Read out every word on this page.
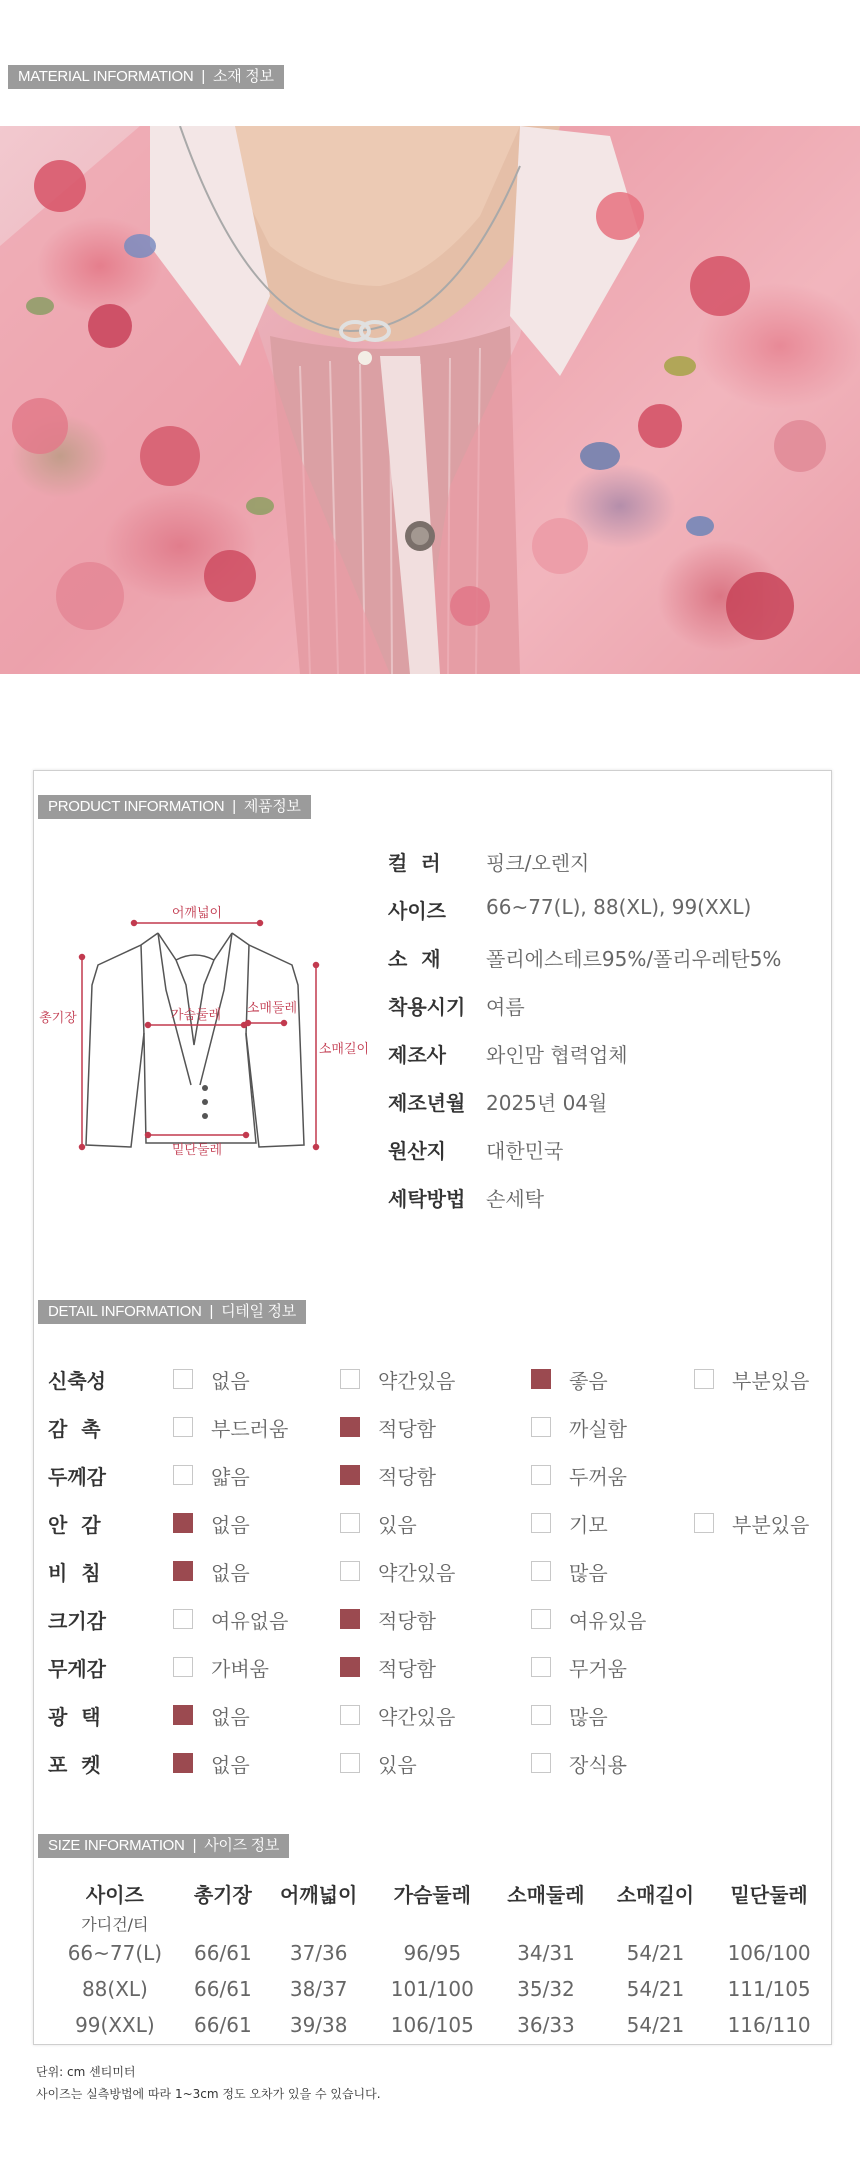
MATERIAL INFORMATION | 소재 정보
PRODUCT INFORMATION | 제품정보
어깨넓이
총기장	가슴둘레 소매둘레
소매길이
밑단둘레
컬  러	핑크/오렌지
사이즈	66~77(L), 88(XL), 99(XXL)
소  재	폴리에스테르95%/폴리우레탄5%
착용시기	여름
제조사	와인맘 협력업체
제조년월	2025년 04월
원산지	대한민국
세탁방법	손세탁
DETAIL INFORMATION | 디테일 정보
신축성	없음	약간있음	좋음	부분있음
감  촉	부드러움	적당함	까실함
두께감	얇음	적당함	두꺼움
안  감	없음	있음	기모	부분있음
비  침	없음	약간있음	많음
크기감	여유없음	적당함	여유있음
무게감	가벼움	적당함	무거움
광  택	없음	약간있음	많음
포  켓	없음	있음	장식용
SIZE INFORMATION | 사이즈 정보
사이즈	총기장	어깨넓이	가슴둘레	소매둘레	소매길이	밑단둘레
가디건/티						
66~77(L)	66/61	37/36	96/95	34/31	54/21	106/100
88(XL)	66/61	38/37	101/100	35/32	54/21	111/105
99(XXL)	66/61	39/38	106/105	36/33	54/21	116/110
단위: cm 센티미터
사이즈는 실측방법에 따라 1~3cm 정도 오차가 있을 수 있습니다.
